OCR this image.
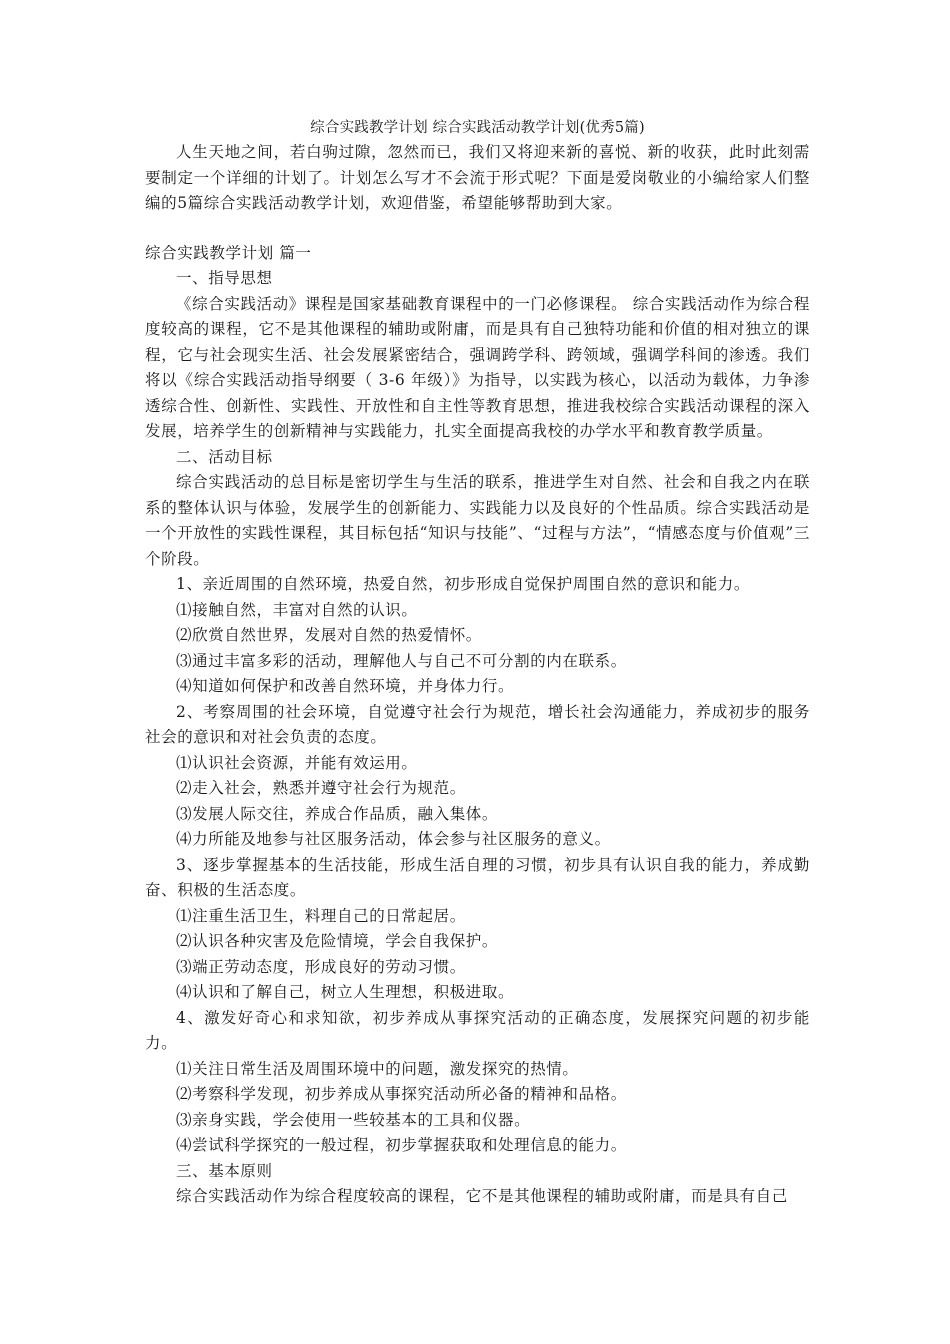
综合实践教学计划 综合实践活动教学计划(优秀5篇)

人生天地之间，若白驹过隙，忽然而已，我们又将迎来新的喜悦、新的收获，此时此刻需要制定一个详细的计划了。计划怎么写才不会流于形式呢？下面是爱岗敬业的小编给家人们整编的5篇综合实践活动教学计划，欢迎借鉴，希望能够帮助到大家。

综合实践教学计划 篇一

一、指导思想

《综合实践活动》课程是国家基础教育课程中的一门必修课程。 综合实践活动作为综合程度较高的课程，它不是其他课程的辅助或附庸，而是具有自己独特功能和价值的相对独立的课程，它与社会现实生活、社会发展紧密结合，强调跨学科、跨领域，强调学科间的渗透。我们将以《综合实践活动指导纲要（ 3-6 年级）》为指导，以实践为核心，以活动为载体，力争渗透综合性、创新性、实践性、开放性和自主性等教育思想，推进我校综合实践活动课程的深入发展，培养学生的创新精神与实践能力，扎实全面提高我校的办学水平和教育教学质量。

二、活动目标

综合实践活动的总目标是密切学生与生活的联系，推进学生对自然、社会和自我之内在联系的整体认识与体验，发展学生的创新能力、实践能力以及良好的个性品质。综合实践活动是一个开放性的实践性课程，其目标包括“知识与技能”、“过程与方法”，“情感态度与价值观”三个阶段。

1、亲近周围的自然环境，热爱自然，初步形成自觉保护周围自然的意识和能力。

⑴接触自然，丰富对自然的认识。

⑵欣赏自然世界，发展对自然的热爱情怀。

⑶通过丰富多彩的活动，理解他人与自己不可分割的内在联系。

⑷知道如何保护和改善自然环境，并身体力行。

2、考察周围的社会环境，自觉遵守社会行为规范，增长社会沟通能力，养成初步的服务社会的意识和对社会负责的态度。

⑴认识社会资源，并能有效运用。

⑵走入社会，熟悉并遵守社会行为规范。

⑶发展人际交往，养成合作品质，融入集体。

⑷力所能及地参与社区服务活动，体会参与社区服务的意义。

3、逐步掌握基本的生活技能，形成生活自理的习惯，初步具有认识自我的能力，养成勤奋、积极的生活态度。

⑴注重生活卫生，料理自己的日常起居。

⑵认识各种灾害及危险情境，学会自我保护。

⑶端正劳动态度，形成良好的劳动习惯。

⑷认识和了解自己，树立人生理想，积极进取。

4、激发好奇心和求知欲，初步养成从事探究活动的正确态度，发展探究问题的初步能力。

⑴关注日常生活及周围环境中的问题，激发探究的热情。

⑵考察科学发现，初步养成从事探究活动所必备的精神和品格。

⑶亲身实践，学会使用一些较基本的工具和仪器。

⑷尝试科学探究的一般过程，初步掌握获取和处理信息的能力。

三、基本原则

综合实践活动作为综合程度较高的课程，它不是其他课程的辅助或附庸，而是具有自己
